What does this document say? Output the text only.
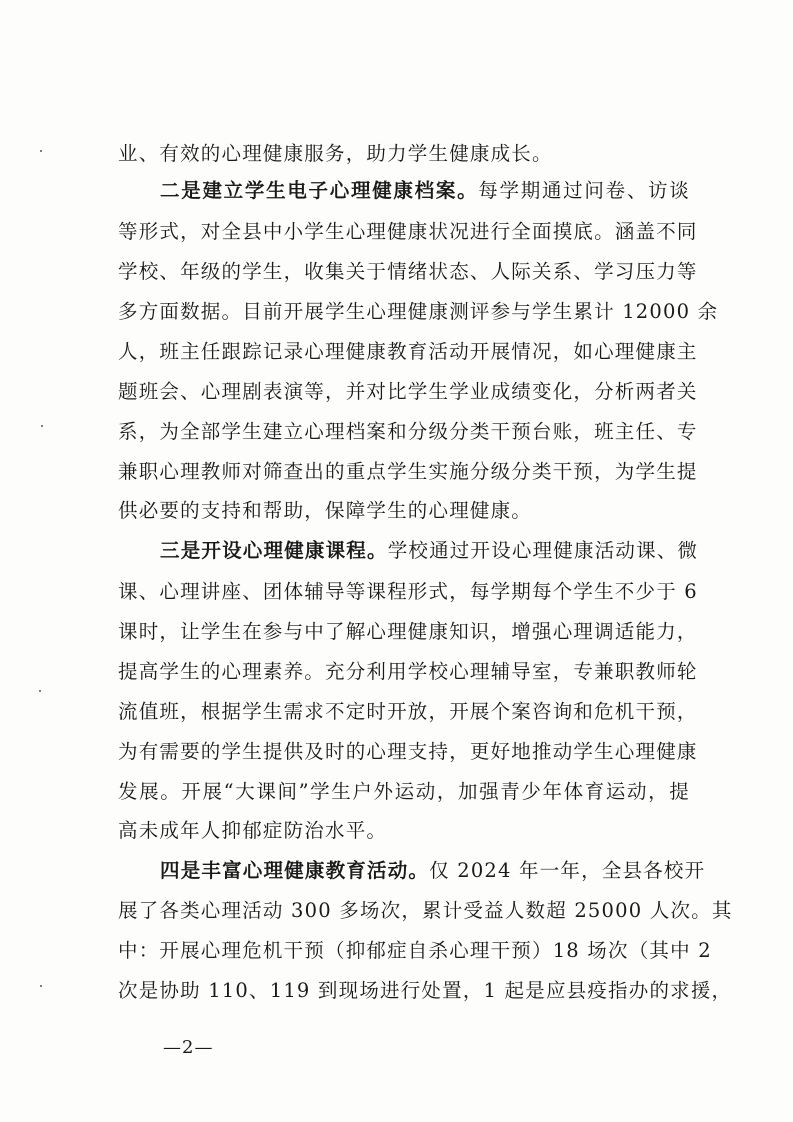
业、有效的心理健康服务，助力学生健康成长。
二是建立学生电子心理健康档案。每学期通过问卷、访谈
等形式，对全县中小学生心理健康状况进行全面摸底。涵盖不同
学校、年级的学生，收集关于情绪状态、人际关系、学习压力等
多方面数据。目前开展学生心理健康测评参与学生累计 12000 余
人，班主任跟踪记录心理健康教育活动开展情况，如心理健康主
题班会、心理剧表演等，并对比学生学业成绩变化，分析两者关
系，为全部学生建立心理档案和分级分类干预台账，班主任、专
兼职心理教师对筛查出的重点学生实施分级分类干预，为学生提
供必要的支持和帮助，保障学生的心理健康。
三是开设心理健康课程。学校通过开设心理健康活动课、微
课、心理讲座、团体辅导等课程形式，每学期每个学生不少于 6
课时，让学生在参与中了解心理健康知识，增强心理调适能力，
提高学生的心理素养。充分利用学校心理辅导室，专兼职教师轮
流值班，根据学生需求不定时开放，开展个案咨询和危机干预，
为有需要的学生提供及时的心理支持，更好地推动学生心理健康
发展。开展“大课间”学生户外运动，加强青少年体育运动，提
高未成年人抑郁症防治水平。
四是丰富心理健康教育活动。仅 2024 年一年，全县各校开
展了各类心理活动 300 多场次，累计受益人数超 25000 人次。其
中：开展心理危机干预（抑郁症自杀心理干预）18 场次（其中 2
次是协助 110、119 到现场进行处置，1 起是应县疫指办的求援，
—2—
